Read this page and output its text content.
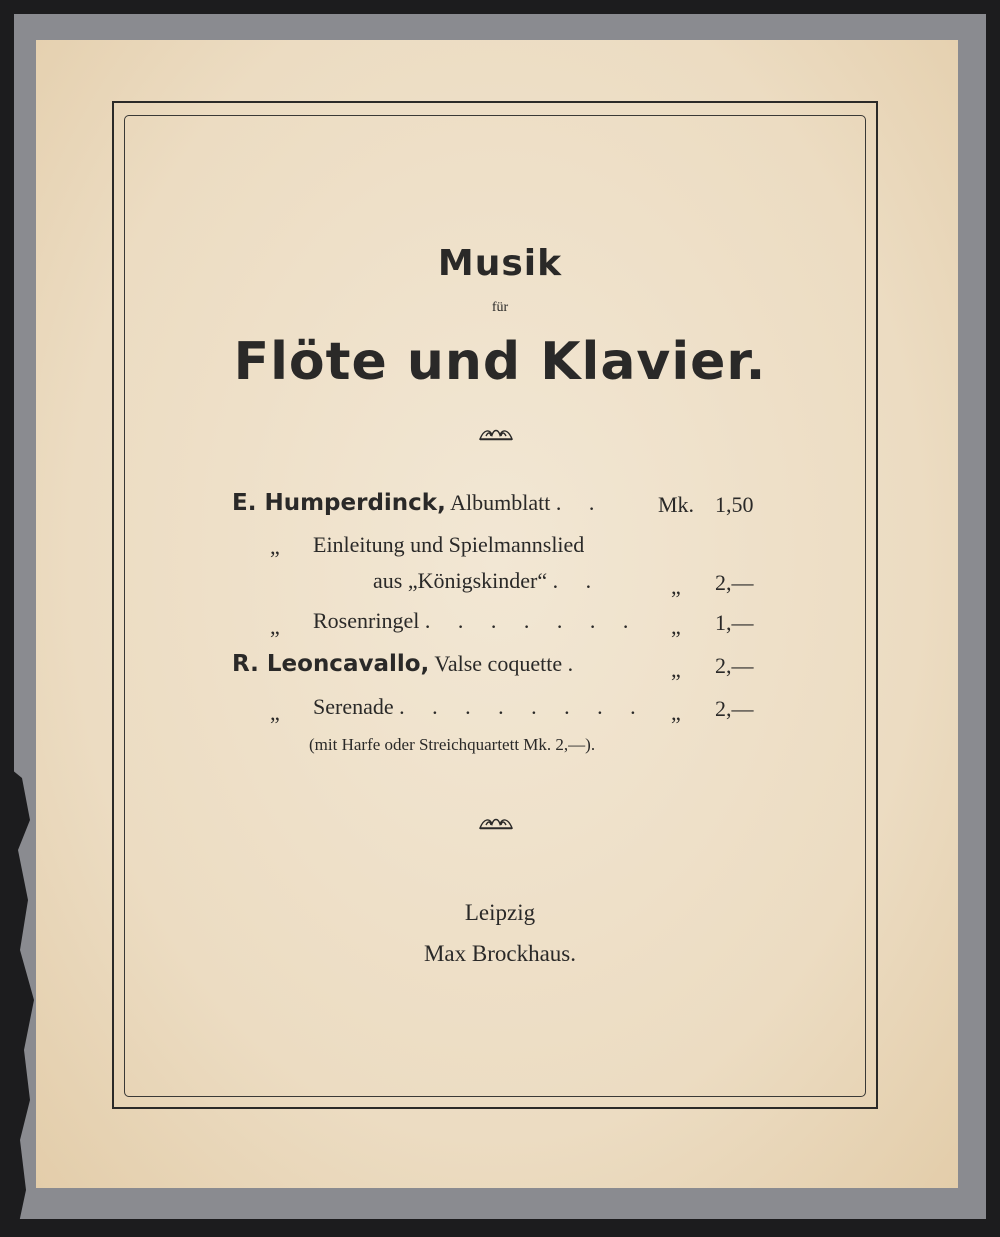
Musik
für
Flöte und Klavier.
E. Humperdinck, Albumblatt . . Mk. 1,50
„ Einleitung und Spielmannslied
aus „Königskinder“ . .	„ 2,—
„ Rosenringel . . . . . . . „ 1,—
R. Leoncavallo, Valse coquette .	„ 2,—
„ Serenade . . . . . . . . „ 2,—
(mit Harfe oder Streichquartett Mk. 2,—).
Leipzig
Max Brockhaus.
